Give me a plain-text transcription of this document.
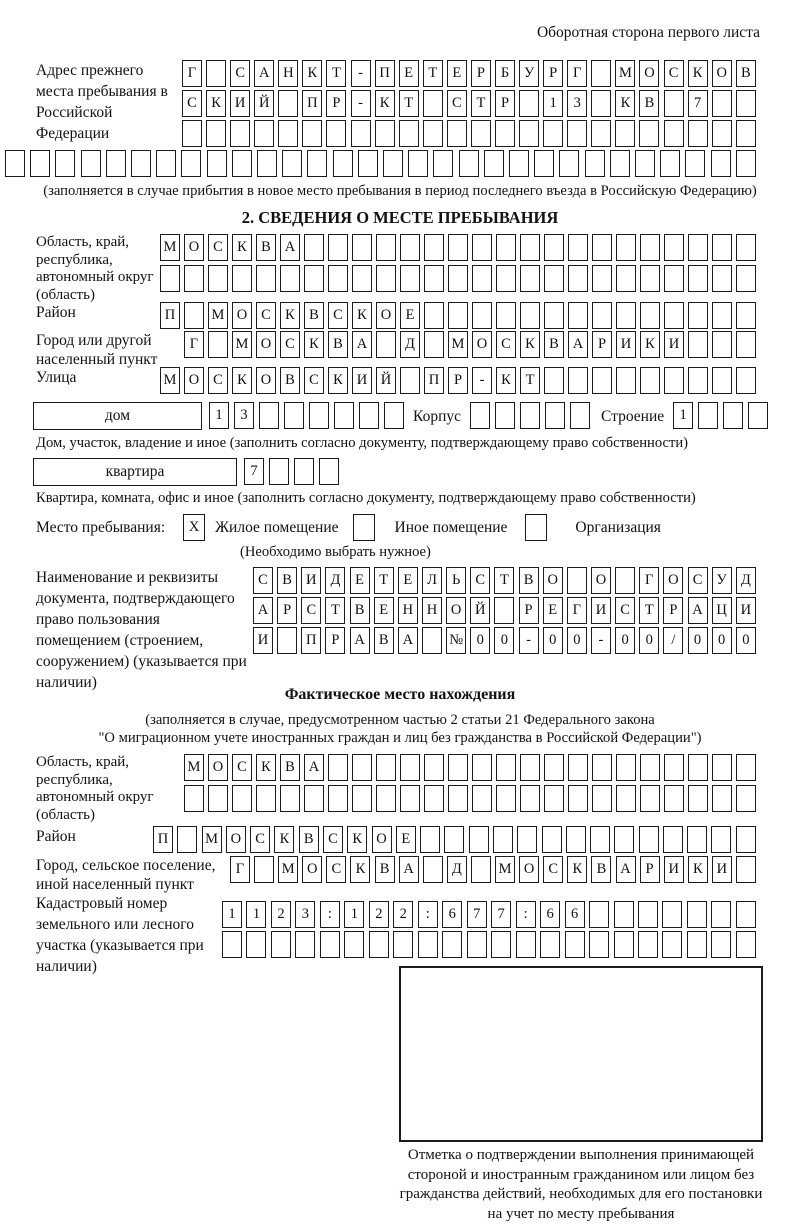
Оборотная сторона первого листа
Адрес прежнего места пребывания в Российской Федерации
Г	С А Н К	Т	-	П Е	Т	Е	Р	Б	У	Р	Г	М О С К О В
С К И Й	П	Р	-	К	Т	С	Т	Р	1	3	К В	7
(заполняется в случае прибытия в новое место пребывания в период последнего въезда в Российскую Федерацию)
2. СВЕДЕНИЯ О МЕСТЕ ПРЕБЫВАНИЯ
Область, край, республика, автономный округ (область)
М О С К В А
Район	П	М О С К В С К О Е
Город или другой населенный пункт
Г	М О С К В А	Д	М О С К В А	Р	И К И
Улица	М О С К О В С К И Й	П	Р	-	К	Т
дом	1	3	Корпус	Строение	1
Дом, участок, владение и иное (заполнить согласно документу, подтверждающему право собственности)
квартира	7
Квартира, комната, офис и иное (заполнить согласно документу, подтверждающему право собственности)
Место пребывания:	X	Жилое помещение	Иное помещение	Организация
(Необходимо выбрать нужное)
Наименование и реквизиты документа, подтверждающего право пользования помещением (строением, сооружением) (указывается при наличии)
С В И Д	Е	Т	Е	Л	Ь	С	Т	В О	О	Г	О С У Д
А	Р	С	Т	В	Е Н Н О Й	Р	Е	Г	И С	Т	Р	А Ц И
И	П	Р	А В А	№ 0	0	-	0	0	-	0	0	/	0	0	0
Фактическое место нахождения
(заполняется в случае, предусмотренном частью 2 статьи 21 Федерального закона
"О миграционном учете иностранных граждан и лиц без гражданства в Российской Федерации")
Область, край, республика, автономный округ (область)
М О С К В А
Район	П	М О С	К	В	С	К О	Е
Город, сельское поселение, иной населенный пункт
Г	М О С К В А	Д	М О С К В А	Р	И К И
Кадастровый номер земельного или лесного участка (указывается при наличии)
1	1	2	3	:	1	2	2	:	6	7	7	:	6	6
Отметка о подтверждении выполнения принимающей стороной и иностранным гражданином или лицом без гражданства действий, необходимых для его постановки на учет по месту пребывания
